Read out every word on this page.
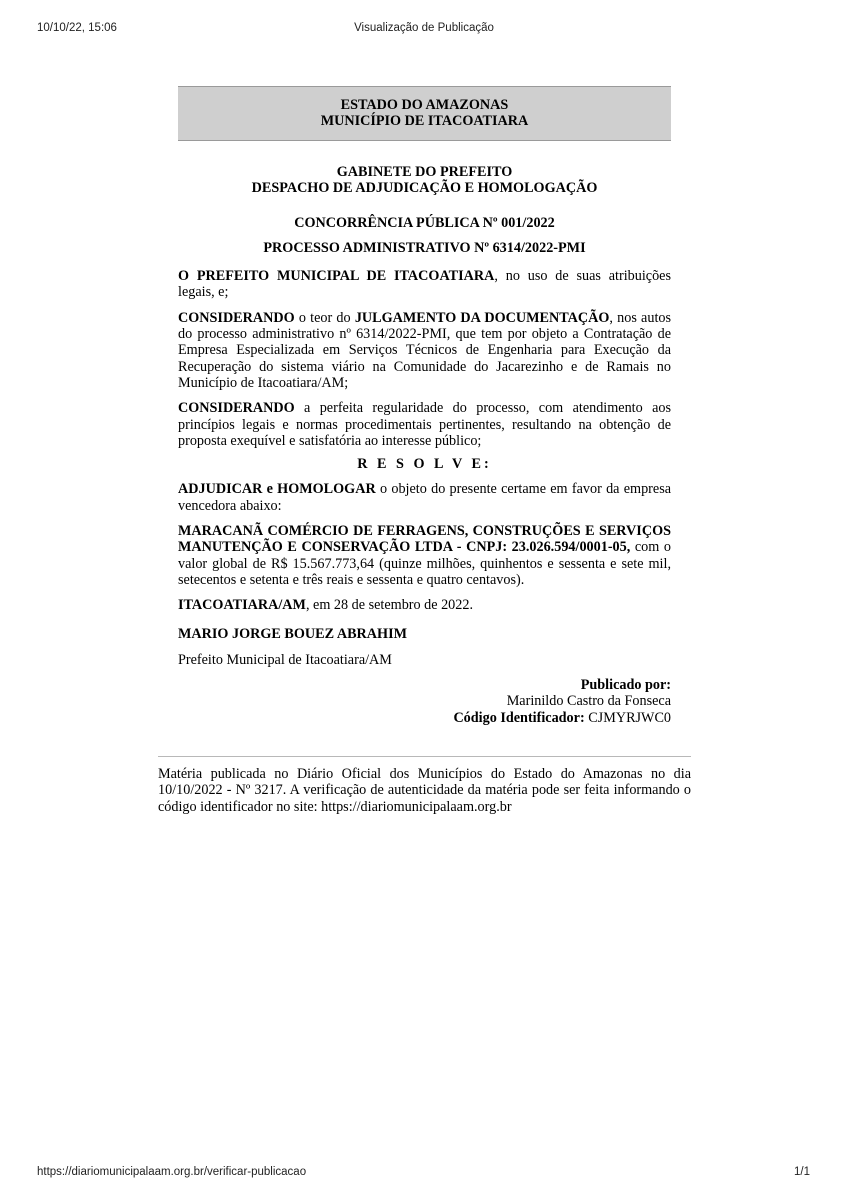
10/10/22, 15:06	Visualização de Publicação
ESTADO DO AMAZONAS
MUNICÍPIO DE ITACOATIARA
GABINETE DO PREFEITO
DESPACHO DE ADJUDICAÇÃO E HOMOLOGAÇÃO
CONCORRÊNCIA PÚBLICA Nº 001/2022
PROCESSO ADMINISTRATIVO Nº 6314/2022-PMI

O PREFEITO MUNICIPAL DE ITACOATIARA, no uso de suas atribuições legais, e;

CONSIDERANDO o teor do JULGAMENTO DA DOCUMENTAÇÃO, nos autos do processo administrativo nº 6314/2022-PMI, que tem por objeto a Contratação de Empresa Especializada em Serviços Técnicos de Engenharia para Execução da Recuperação do sistema viário na Comunidade do Jacarezinho e de Ramais no Município de Itacoatiara/AM;

CONSIDERANDO a perfeita regularidade do processo, com atendimento aos princípios legais e normas procedimentais pertinentes, resultando na obtenção de proposta exequível e satisfatória ao interesse público;

R E S O L V E:

ADJUDICAR e HOMOLOGAR o objeto do presente certame em favor da empresa vencedora abaixo:

MARACANÃ COMÉRCIO DE FERRAGENS, CONSTRUÇÕES E SERVIÇOS MANUTENÇÃO E CONSERVAÇÃO LTDA - CNPJ: 23.026.594/0001-05, com o valor global de R$ 15.567.773,64 (quinze milhões, quinhentos e sessenta e sete mil, setecentos e setenta e três reais e sessenta e quatro centavos).

ITACOATIARA/AM, em 28 de setembro de 2022.

MARIO JORGE BOUEZ ABRAHIM
Prefeito Municipal de Itacoatiara/AM
Publicado por:
Marinildo Castro da Fonseca
Código Identificador: CJMYRJWC0
Matéria publicada no Diário Oficial dos Municípios do Estado do Amazonas no dia 10/10/2022 - Nº 3217. A verificação de autenticidade da matéria pode ser feita informando o código identificador no site: https://diariomunicipalaam.org.br
https://diariomunicipalaam.org.br/verificar-publicacao	1/1
